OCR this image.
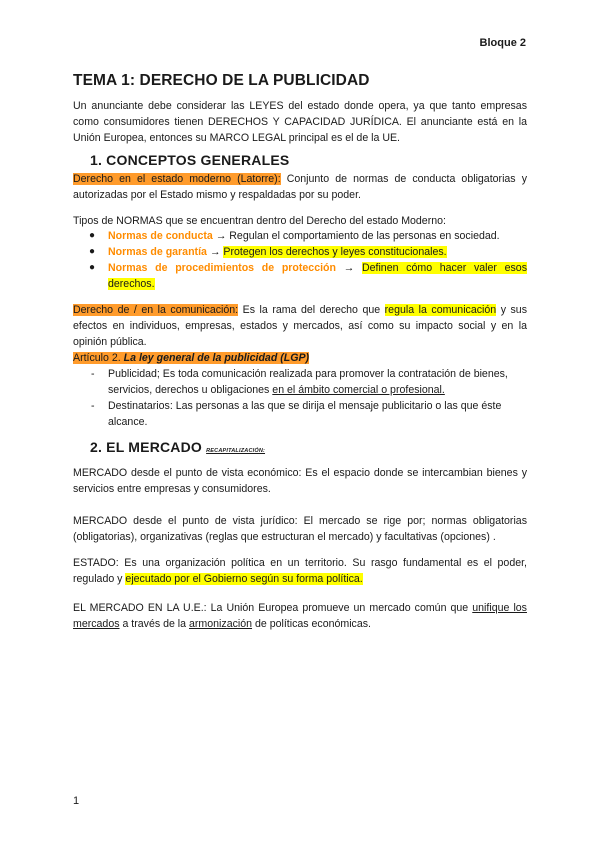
Bloque 2
TEMA 1: DERECHO DE LA PUBLICIDAD

Un anunciante debe considerar las LEYES del estado donde opera, ya que tanto empresas como consumidores tienen DERECHOS Y CAPACIDAD JURÍDICA. El anunciante está en la Unión Europea, entonces su MARCO LEGAL principal es el de la UE.

1. CONCEPTOS GENERALES

Derecho en el estado moderno (Latorre): Conjunto de normas de conducta obligatorias y autorizadas por el Estado mismo y respaldadas por su poder.

Tipos de NORMAS que se encuentran dentro del Derecho del estado Moderno:

● Normas de conducta → Regulan el comportamiento de las personas en sociedad.
● Normas de garantía → Protegen los derechos y leyes constitucionales.
● Normas de procedimientos de protección → Definen cómo hacer valer esos derechos.

Derecho de / en la comunicación: Es la rama del derecho que regula la comunicación y sus efectos en individuos, empresas, estados y mercados, así como su impacto social y en la opinión pública.

Artículo 2. La ley general de la publicidad (LGP)

- Publicidad; Es toda comunicación realizada para promover la contratación de bienes, servicios, derechos u obligaciones en el ámbito comercial o profesional.
- Destinatarios: Las personas a las que se dirija el mensaje publicitario o las que éste alcance.
2. EL MERCADO RECAPITALIZACIÓN:

MERCADO desde el punto de vista económico: Es el espacio donde se intercambian bienes y servicios entre empresas y consumidores.

MERCADO desde el punto de vista jurídico: El mercado se rige por; normas obligatorias (obligatorias), organizativas (reglas que estructuran el mercado) y facultativas (opciones) .

ESTADO: Es una organización política en un territorio. Su rasgo fundamental es el poder, regulado y ejecutado por el Gobierno según su forma política.

EL MERCADO EN LA U.E.: La Unión Europea promueve un mercado común que unifique los mercados a través de la armonización de políticas económicas.

1
